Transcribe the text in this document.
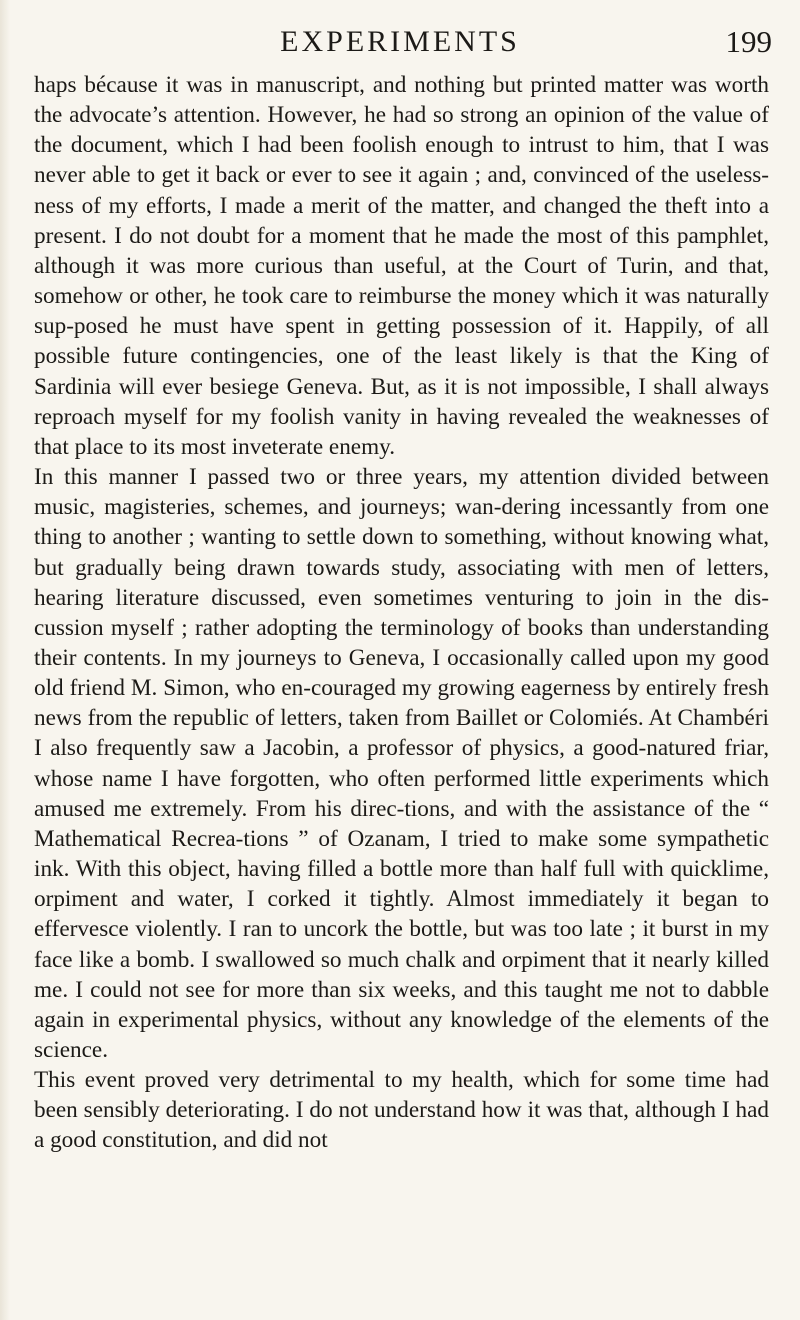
EXPERIMENTS	199

haps bécause it was in manuscript, and nothing but printed matter was worth the advocate’s attention. However, he had so strong an opinion of the value of the document, which I had been foolish enough to intrust to him, that I was never able to get it back or ever to see it again ; and, convinced of the useless-ness of my efforts, I made a merit of the matter, and changed the theft into a present. I do not doubt for a moment that he made the most of this pamphlet, although it was more curious than useful, at the Court of Turin, and that, somehow or other, he took care to reimburse the money which it was naturally sup-posed he must have spent in getting possession of it. Happily, of all possible future contingencies, one of the least likely is that the King of Sardinia will ever besiege Geneva. But, as it is not impossible, I shall always reproach myself for my foolish vanity in having revealed the weaknesses of that place to its most inveterate enemy.

In this manner I passed two or three years, my attention divided between music, magisteries, schemes, and journeys; wan-dering incessantly from one thing to another ; wanting to settle down to something, without knowing what, but gradually being drawn towards study, associating with men of letters, hearing literature discussed, even sometimes venturing to join in the dis-cussion myself ; rather adopting the terminology of books than understanding their contents. In my journeys to Geneva, I occasionally called upon my good old friend M. Simon, who en-couraged my growing eagerness by entirely fresh news from the republic of letters, taken from Baillet or Colomiés. At Chambéri I also frequently saw a Jacobin, a professor of physics, a good-natured friar, whose name I have forgotten, who often performed little experiments which amused me extremely. From his direc-tions, and with the assistance of the “ Mathematical Recrea-tions ” of Ozanam, I tried to make some sympathetic ink. With this object, having filled a bottle more than half full with quicklime, orpiment and water, I corked it tightly. Almost immediately it began to effervesce violently. I ran to uncork the bottle, but was too late ; it burst in my face like a bomb. I swallowed so much chalk and orpiment that it nearly killed me. I could not see for more than six weeks, and this taught me not to dabble again in experimental physics, without any knowledge of the elements of the science.

This event proved very detrimental to my health, which for some time had been sensibly deteriorating. I do not understand how it was that, although I had a good constitution, and did not
